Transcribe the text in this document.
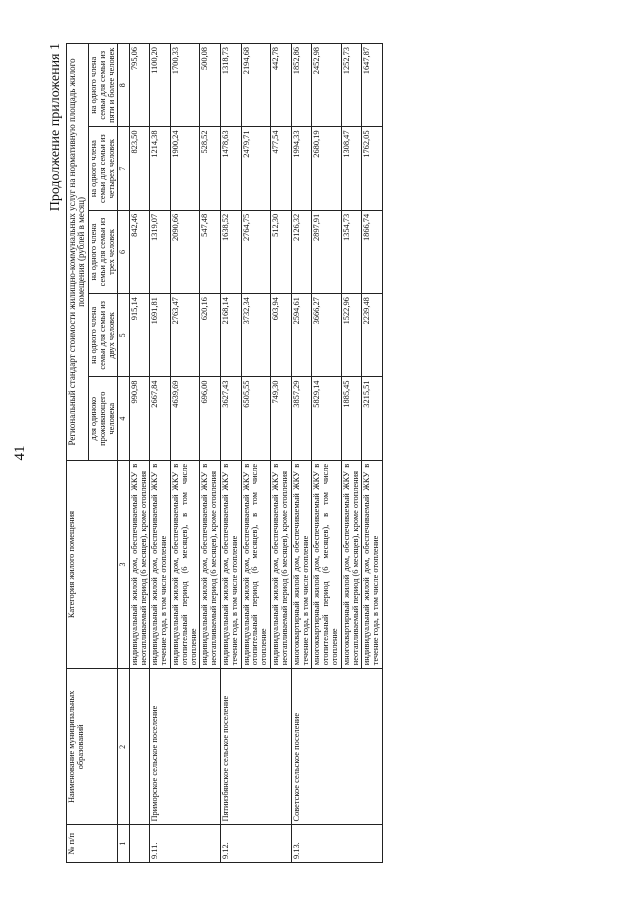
41
Продолжение приложения 1
№ п/п	Наименование муниципальных образований	Категория жилого помещения	Региональный стандарт стоимости жилищно-коммунальных услуг на нормативную площадь жилого помещения (рублей в месяц)				
			для одиноко проживающего человека	на одного члена семьи для семьи из двух человек	на одного члена семьи для семьи из трех человек	на одного члена семьи для семьи из четырех человек	на одного члена семьи для семьи из пяти и более человек
1	2	3	4	5	6	7	8
		индивидуальный жилой дом, обеспечиваемый ЖКУ в неотапливаемый период (6 месяцев), кроме отопления	990,98	915,14	842,46	823,50	795,06
9.11.	Приморское сельское поселение	индивидуальный жилой дом, обеспечиваемый ЖКУ в течение года, в том числе отопление	2667,84	1691,81	1319,07	1214,38	1100,20
		индивидуальный жилой дом, обеспечиваемый ЖКУ в отопительный период (6 месяцев), в том числе отопление	4639,69	2763,47	2090,66	1900,24	1700,33
		индивидуальный жилой дом, обеспечиваемый ЖКУ в неотапливаемый период (6 месяцев), кроме отопления	696,00	620,16	547,48	528,52	500,08
9.12.	Пятиизбянское сельское поселение	индивидуальный жилой дом, обеспечиваемый ЖКУ в течение года, в том числе отопление	3627,43	2168,14	1638,52	1478,63	1318,73
		индивидуальный жилой дом, обеспечиваемый ЖКУ в отопительный период (6 месяцев), в том числе отопление	6505,55	3732,34	2764,75	2479,71	2194,68
		индивидуальный жилой дом, обеспечиваемый ЖКУ в неотапливаемый период (6 месяцев), кроме отопления	749,30	603,94	512,30	477,54	442,78
9.13.	Советское сельское поселение	многоквартирный жилой дом, обеспечиваемый ЖКУ в течение года, в том числе отопление	3857,29	2594,61	2126,32	1994,33	1852,86
		многоквартирный жилой дом, обеспечиваемый ЖКУ в отопительный период (6 месяцев), в том числе отопление	5829,14	3666,27	2897,91	2680,19	2452,98
		многоквартирный жилой дом, обеспечиваемый ЖКУ в неотапливаемый период (6 месяцев), кроме отопления	1885,45	1522,96	1354,73	1308,47	1252,73
		индивидуальный жилой дом, обеспечиваемый ЖКУ в течение года, в том числе отопление	3215,51	2239,48	1866,74	1762,05	1647,87
